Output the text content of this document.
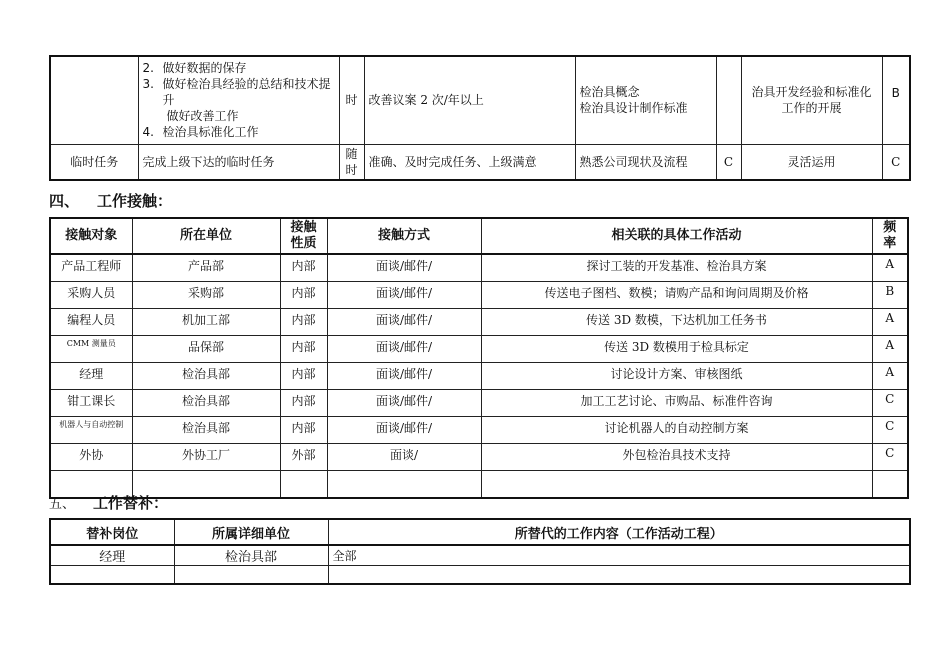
	2. 做好数据的保存
3. 做好检治具经验的总结和技术提
升
做好改善工作
4. 检治具标准化工作	时	改善议案 2 次/年以上	检治具概念
检治具设计制作标准		治具开发经验和标准化
工作的开展	B
临时任务	完成上级下达的临时任务	随
时	准确、及时完成任务、上级满意	熟悉公司现状及流程	C	灵活运用	C
四、 工作接触：
接触对象	所在单位	接触
性质	接触方式	相关联的具体工作活动	频
率

产品工程师	产品部	内部	面谈/邮件/	探讨工装的开发基准、检治具方案	A
采购人员	采购部	内部	面谈/邮件/	传送电子图档、数模；请购产品和询问周期及价格	B
编程人员	机加工部	内部	面谈/邮件/	传送 3D 数模，下达机加工任务书	A
CMM 测量员	品保部	内部	面谈/邮件/	传送 3D 数模用于检具标定	A
经理	检治具部	内部	面谈/邮件/	讨论设计方案、审核图纸	A
钳工课长	检治具部	内部	面谈/邮件/	加工工艺讨论、市购品、标准件咨询	C
机器人与自动控制	检治具部	内部	面谈/邮件/	讨论机器人的自动控制方案	C
外协	外协工厂	外部	面谈/	外包检治具技术支持	C

五、 工作替补：
替补岗位	所属详细单位	所替代的工作内容（工作活动工程）
经理	检治具部	全部
